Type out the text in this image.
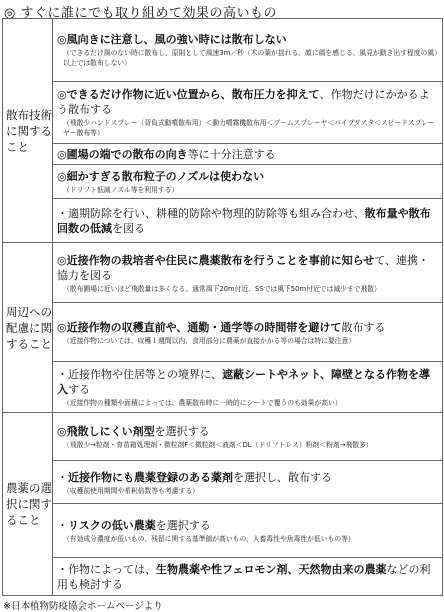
◎ すぐに誰にでも取り組めて効果の高いもの
散布技術に関すること	◎風向きに注意し、風の強い時には散布しない
（できるだけ風のない時に散布し、原則として風速3m／秒（木の葉が揺れる、顔に風を感じる、風見が動き出す程度の風）以上では散布しない）

	◎できるだけ作物に近い位置から、散布圧力を抑えて、作物だけにかかるよう散布する
（飛散少ハンドスプレー（背負式動噴散布用）＜動力噴霧機散布用＜ブームスプレーヤ＜パイプダスタ＜スピードスプレーヤー散布等）

	◎圃場の端での散布の向き等に十分注意する

	◎細かすぎる散布粒子のノズルは使わない
（ドリフト低減ノズル等を利用する）

	・適期防除を行い、耕種的防除や物理的防除等も組み合わせ、散布量や散布回数の低減を図る

周辺への配慮に関すること	◎近接作物の栽培者や住民に農薬散布を行うことを事前に知らせて、連携・協力を図る
（散布圃場に近いほど飛散量は多くなる。通常風下20m付近、SSでは風下50m付近では減少まで飛散）

	◎近接作物の収穫直前や、通勤・通学等の時間帯を避けて散布する
（近接作物については、収穫１週間以内、食用部分に農薬が直接かかる等の場合は特に要注意）

	・近接作物や住居等との境界に、遮蔽シートやネット、障壁となる作物を導入する
（近接作物の種類や面積によっては、農薬散布時に一時的にシートで覆うのも効果が高い）

農薬の選択に関すること	◎飛散しにくい剤型を選択する
（飛散少→粒剤・育苗箱処理剤・微粒剤F＜微粒剤＜液剤＜DL（ドリフトレス）粉剤＜粉剤→飛散多）

	・近接作物にも農薬登録のある薬剤を選択し、散布する
（収穫前使用期間や希釈倍数等も考慮する）

	・リスクの低い農薬を選択する
（有効成分濃度が低いもの、残留に関する基準値が高いもの、人畜毒性や魚毒性が低いもの等）

	・作物によっては、生物農薬や性フェロモン剤、天然物由来の農薬などの利用も検討する
※日本植物防疫協会ホームページより
